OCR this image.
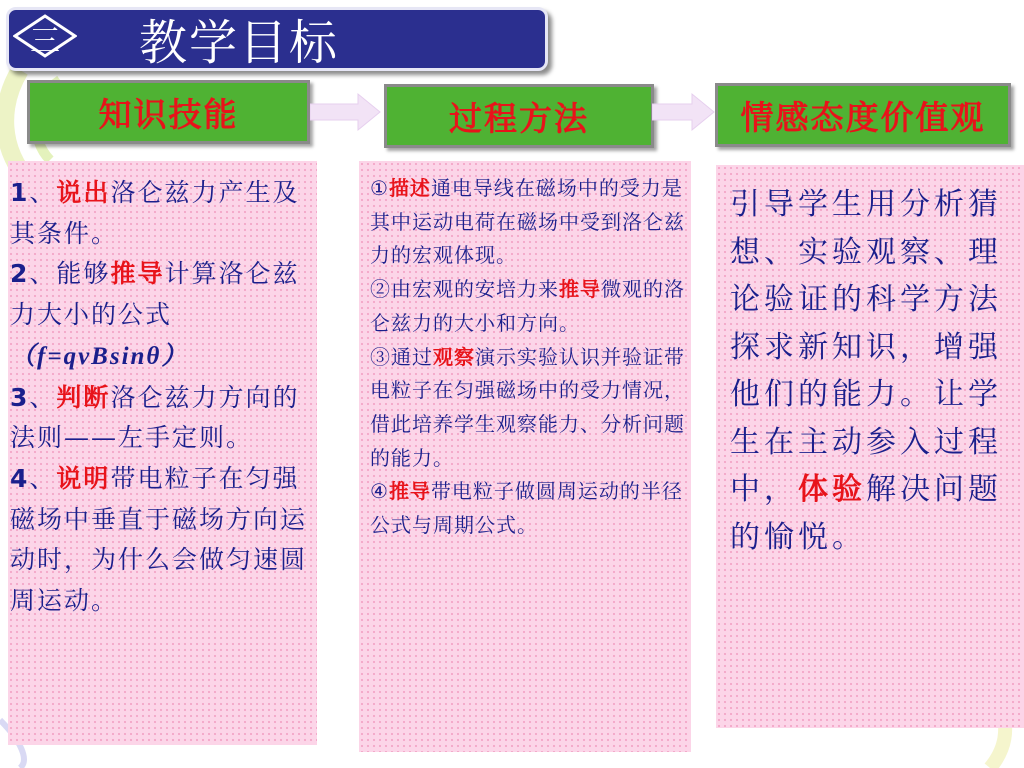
三 教学目标
知识技能	过程方法	情感态度价值观
1、说出洛仑兹力产生及其条件。
2、能够推导计算洛仑兹力大小的公式
（f=qvBsinθ）
3、判断洛仑兹力方向的法则——左手定则。
4、说明带电粒子在匀强磁场中垂直于磁场方向运动时，为什么会做匀速圆周运动。
①描述通电导线在磁场中的受力是其中运动电荷在磁场中受到洛仑兹力的宏观体现。
②由宏观的安培力来推导微观的洛仑兹力的大小和方向。
③通过观察演示实验认识并验证带电粒子在匀强磁场中的受力情况，借此培养学生观察能力、分析问题的能力。
④推导带电粒子做圆周运动的半径公式与周期公式。
引导学生用分析猜想、实验观察、理论验证的科学方法探求新知识，增强他们的能力。让学生在主动参入过程中，体验解决问题的愉悦。
